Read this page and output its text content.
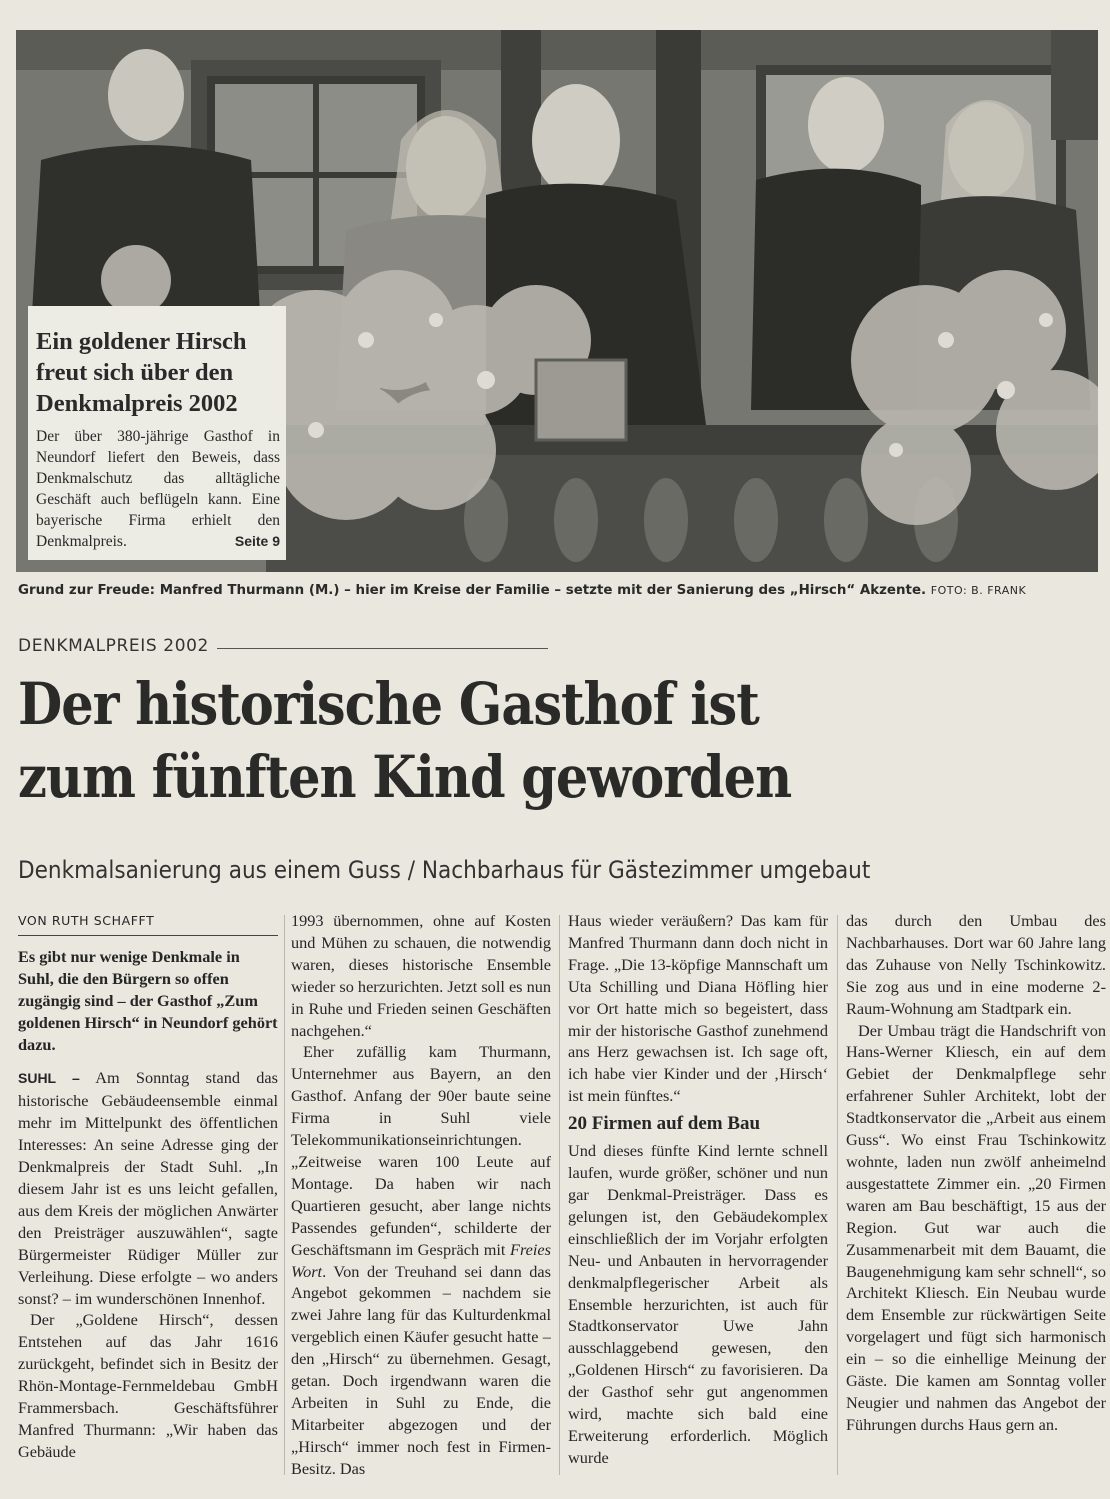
Ein goldener Hirsch freut sich über den Denkmalpreis 2002
Der über 380-jährige Gasthof in Neundorf liefert den Beweis, dass Denkmalschutz das alltägliche Geschäft auch beflügeln kann. Eine bayerische Firma erhielt den Denkmalpreis.	Seite 9
Grund zur Freude: Manfred Thurmann (M.) – hier im Kreise der Familie – setzte mit der Sanierung des „Hirsch“ Akzente. FOTO: B. FRANK
DENKMALPREIS 2002
Der historische Gasthof ist
zum fünften Kind geworden
Denkmalsanierung aus einem Guss / Nachbarhaus für Gästezimmer umgebaut
VON RUTH SCHAFFT

Es gibt nur wenige Denkmale in Suhl, die den Bürgern so offen zugängig sind – der Gasthof „Zum goldenen Hirsch“ in Neundorf gehört dazu.

SUHL – Am Sonntag stand das historische Gebäudeensemble einmal mehr im Mittelpunkt des öffentlichen Interesses: An seine Adresse ging der Denkmalpreis der Stadt Suhl. „In diesem Jahr ist es uns leicht gefallen, aus dem Kreis der möglichen Anwärter den Preisträger auszuwählen“, sagte Bürgermeister Rüdiger Müller zur Verleihung. Diese erfolgte – wo anders sonst? – im wunderschönen Innenhof.

Der „Goldene Hirsch“, dessen Entstehen auf das Jahr 1616 zurückgeht, befindet sich in Besitz der Rhön-Montage-Fernmeldebau GmbH Frammersbach. Geschäftsführer Manfred Thurmann: „Wir haben das Gebäude

1993 übernommen, ohne auf Kosten und Mühen zu schauen, die notwendig waren, dieses historische Ensemble wieder so herzurichten. Jetzt soll es nun in Ruhe und Frieden seinen Geschäften nachgehen.“

Eher zufällig kam Thurmann, Unternehmer aus Bayern, an den Gasthof. Anfang der 90er baute seine Firma in Suhl viele Telekommunikationseinrichtungen. „Zeitweise waren 100 Leute auf Montage. Da haben wir nach Quartieren gesucht, aber lange nichts Passendes gefunden“, schilderte der Geschäftsmann im Gespräch mit Freies Wort. Von der Treuhand sei dann das Angebot gekommen – nachdem sie zwei Jahre lang für das Kulturdenkmal vergeblich einen Käufer gesucht hatte – den „Hirsch“ zu übernehmen. Gesagt, getan. Doch irgendwann waren die Arbeiten in Suhl zu Ende, die Mitarbeiter abgezogen und der „Hirsch“ immer noch fest in Firmen-Besitz. Das

Haus wieder veräußern? Das kam für Manfred Thurmann dann doch nicht in Frage. „Die 13-köpfige Mannschaft um Uta Schilling und Diana Höfling hier vor Ort hatte mich so begeistert, dass mir der historische Gasthof zunehmend ans Herz gewachsen ist. Ich sage oft, ich habe vier Kinder und der ‚Hirsch‘ ist mein fünftes.“

20 Firmen auf dem Bau

Und dieses fünfte Kind lernte schnell laufen, wurde größer, schöner und nun gar Denkmal-Preisträger. Dass es gelungen ist, den Gebäudekomplex einschließlich der im Vorjahr erfolgten Neu- und Anbauten in hervorragender denkmalpflegerischer Arbeit als Ensemble herzurichten, ist auch für Stadtkonservator Uwe Jahn ausschlaggebend gewesen, den „Goldenen Hirsch“ zu favorisieren. Da der Gasthof sehr gut angenommen wird, machte sich bald eine Erweiterung erforderlich. Möglich wurde

das durch den Umbau des Nachbarhauses. Dort war 60 Jahre lang das Zuhause von Nelly Tschinkowitz. Sie zog aus und in eine moderne 2-Raum-Wohnung am Stadtpark ein.

Der Umbau trägt die Handschrift von Hans-Werner Kliesch, ein auf dem Gebiet der Denkmalpflege sehr erfahrener Suhler Architekt, lobt der Stadtkonservator die „Arbeit aus einem Guss“. Wo einst Frau Tschinkowitz wohnte, laden nun zwölf anheimelnd ausgestattete Zimmer ein. „20 Firmen waren am Bau beschäftigt, 15 aus der Region. Gut war auch die Zusammenarbeit mit dem Bauamt, die Baugenehmigung kam sehr schnell“, so Architekt Kliesch. Ein Neubau wurde dem Ensemble zur rückwärtigen Seite vorgelagert und fügt sich harmonisch ein – so die einhellige Meinung der Gäste. Die kamen am Sonntag voller Neugier und nahmen das Angebot der Führungen durchs Haus gern an.
